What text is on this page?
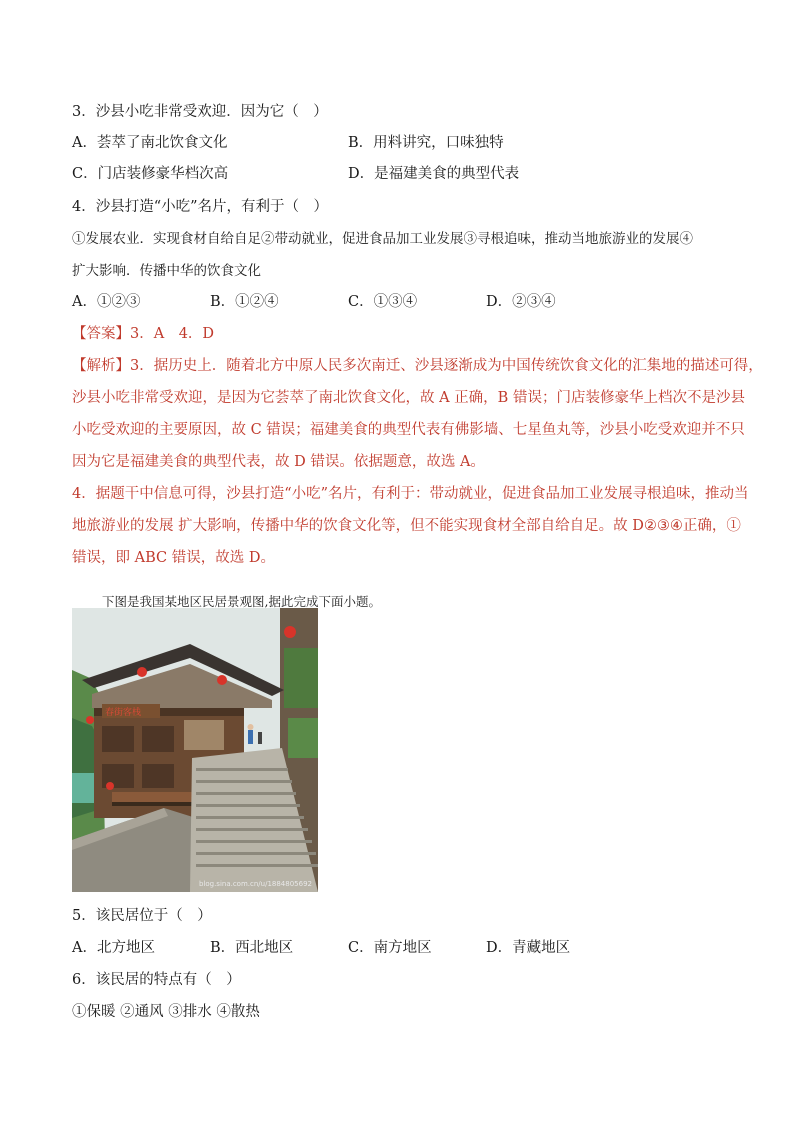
3．沙县小吃非常受欢迎．因为它（　）

A．荟萃了南北饮食文化	B．用料讲究，口味独特
C．门店装修豪华档次高	D．是福建美食的典型代表

4．沙县打造“小吃”名片，有利于（　）

①发展农业．实现食材自给自足②带动就业，促进食品加工业发展③寻根追味，推动当地旅游业的发展④

扩大影响．传播中华的饮食文化

A．①②③	B．①②④	C．①③④	D．②③④

【答案】3．A　4．D

【解析】3．据历史上．随着北方中原人民多次南迁、沙县逐渐成为中国传统饮食文化的汇集地的描述可得，

沙县小吃非常受欢迎，是因为它荟萃了南北饮食文化，故 A 正确，B 错误；门店装修豪华上档次不是沙县

小吃受欢迎的主要原因，故 C 错误；福建美食的典型代表有佛影墙、七星鱼丸等，沙县小吃受欢迎并不只

因为它是福建美食的典型代表，故 D 错误。依据题意，故选 A。

4．据题干中信息可得，沙县打造“小吃”名片，有利于：带动就业，促进食品加工业发展寻根追味，推动当

地旅游业的发展 扩大影响，传播中华的饮食文化等，但不能实现食材全部自给自足。故 D②③④正确，①

错误，即 ABC 错误，故选 D。

下图是我国某地区民居景观图,据此完成下面小题。

春街客栈
blog.sina.com.cn/u/1884805692

5．该民居位于（　）

A．北方地区	B．西北地区	C．南方地区	D．青藏地区

6．该民居的特点有（　）

①保暖 ②通风 ③排水 ④散热
